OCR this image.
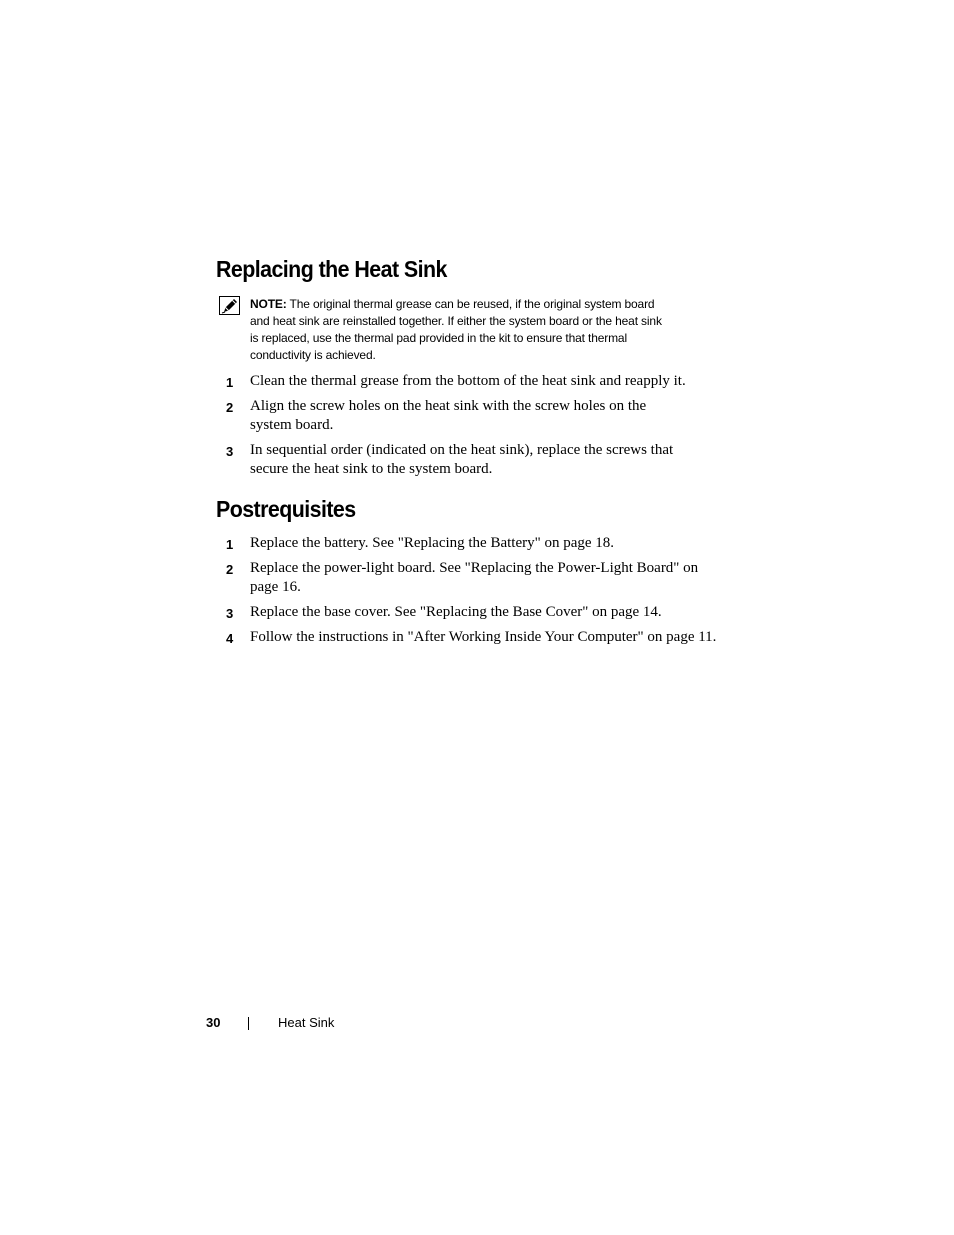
Replacing the Heat Sink
NOTE: The original thermal grease can be reused, if the original system board
and heat sink are reinstalled together. If either the system board or the heat sink
is replaced, use the thermal pad provided in the kit to ensure that thermal
conductivity is achieved.
1 Clean the thermal grease from the bottom of the heat sink and reapply it.
2 Align the screw holes on the heat sink with the screw holes on the
system board.
3 In sequential order (indicated on the heat sink), replace the screws that
secure the heat sink to the system board.
Postrequisites
1 Replace the battery. See "Replacing the Battery" on page 18.
2 Replace the power-light board. See "Replacing the Power-Light Board" on
page 16.
3 Replace the base cover. See "Replacing the Base Cover" on page 14.
4 Follow the instructions in "After Working Inside Your Computer" on page 11.
30	Heat Sink
